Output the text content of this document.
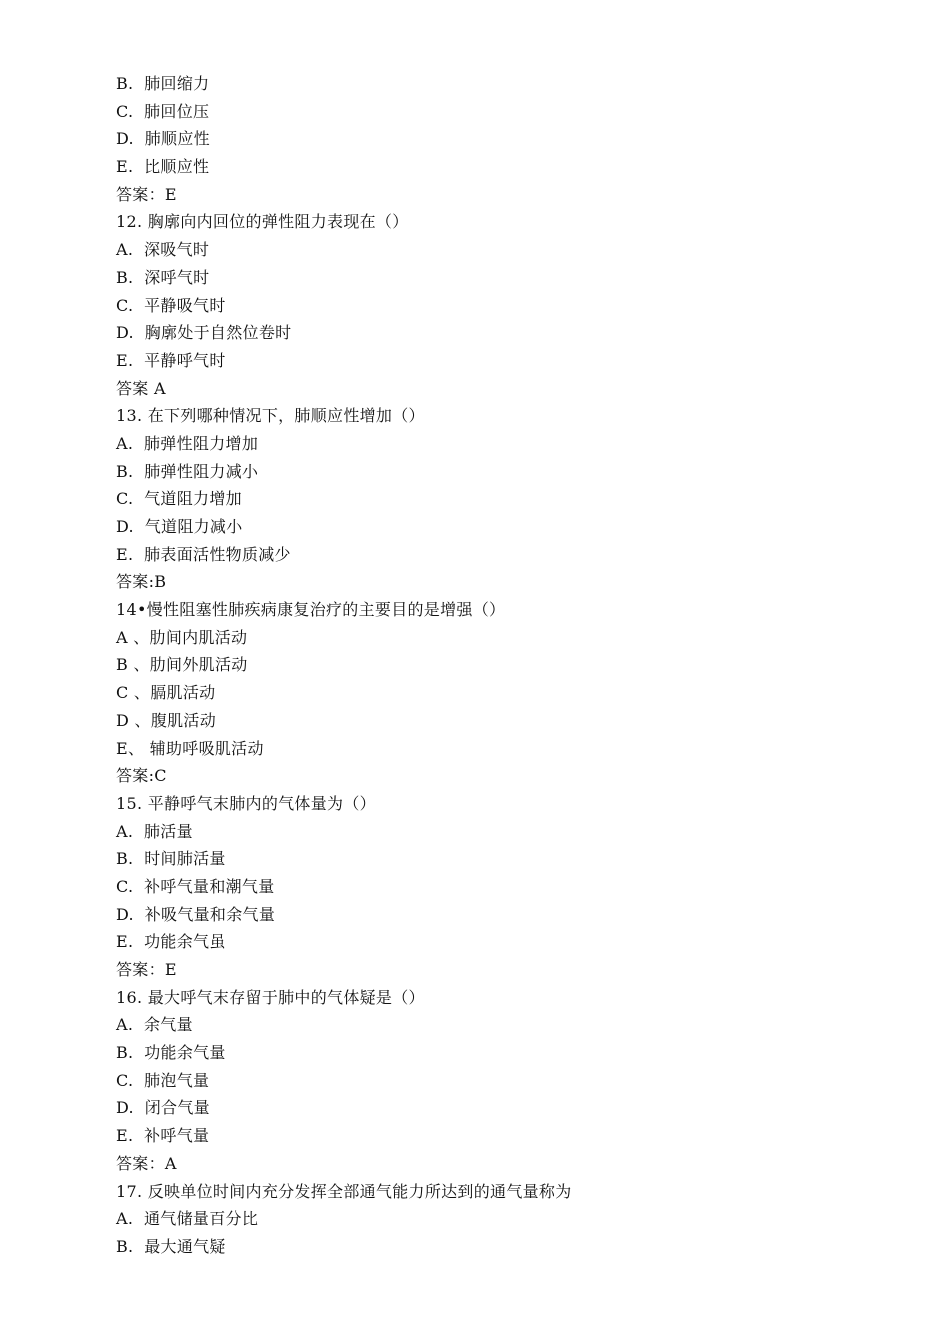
B.  肺回缩力
C.  肺回位压
D.  肺顺应性
E.  比顺应性
答案：E
12. 胸廓向内回位的弹性阻力表现在（）
A.  深吸气时
B.  深呼气时
C.  平静吸气时
D.  胸廓处于自然位卷时
E.  平静呼气时
答案 A
13. 在下列哪种情况下，肺顺应性增加（）
A.  肺弹性阻力增加
B.  肺弹性阻力减小
C.  气道阻力增加
D.  气道阻力减小
E.  肺表面活性物质减少
答案:B
14•慢性阻塞性肺疾病康复治疗的主要目的是增强（）
A 、肋间内肌活动
B 、肋间外肌活动
C 、膈肌活动
D 、腹肌活动
E、 辅助呼吸肌活动
答案:C
15. 平静呼气末肺内的气体量为（）
A.  肺活量
B.  时间肺活量
C.  补呼气量和潮气量
D.  补吸气量和余气量
E.  功能余气虽
答案：E
16. 最大呼气末存留于肺中的气体疑是（）
A.  余气量
B.  功能余气量
C.  肺泡气量
D.  闭合气量
E.  补呼气量
答案：A
17. 反映单位时间内充分发挥全部通气能力所达到的通气量称为
A.  通气储量百分比
B.  最大通气疑
